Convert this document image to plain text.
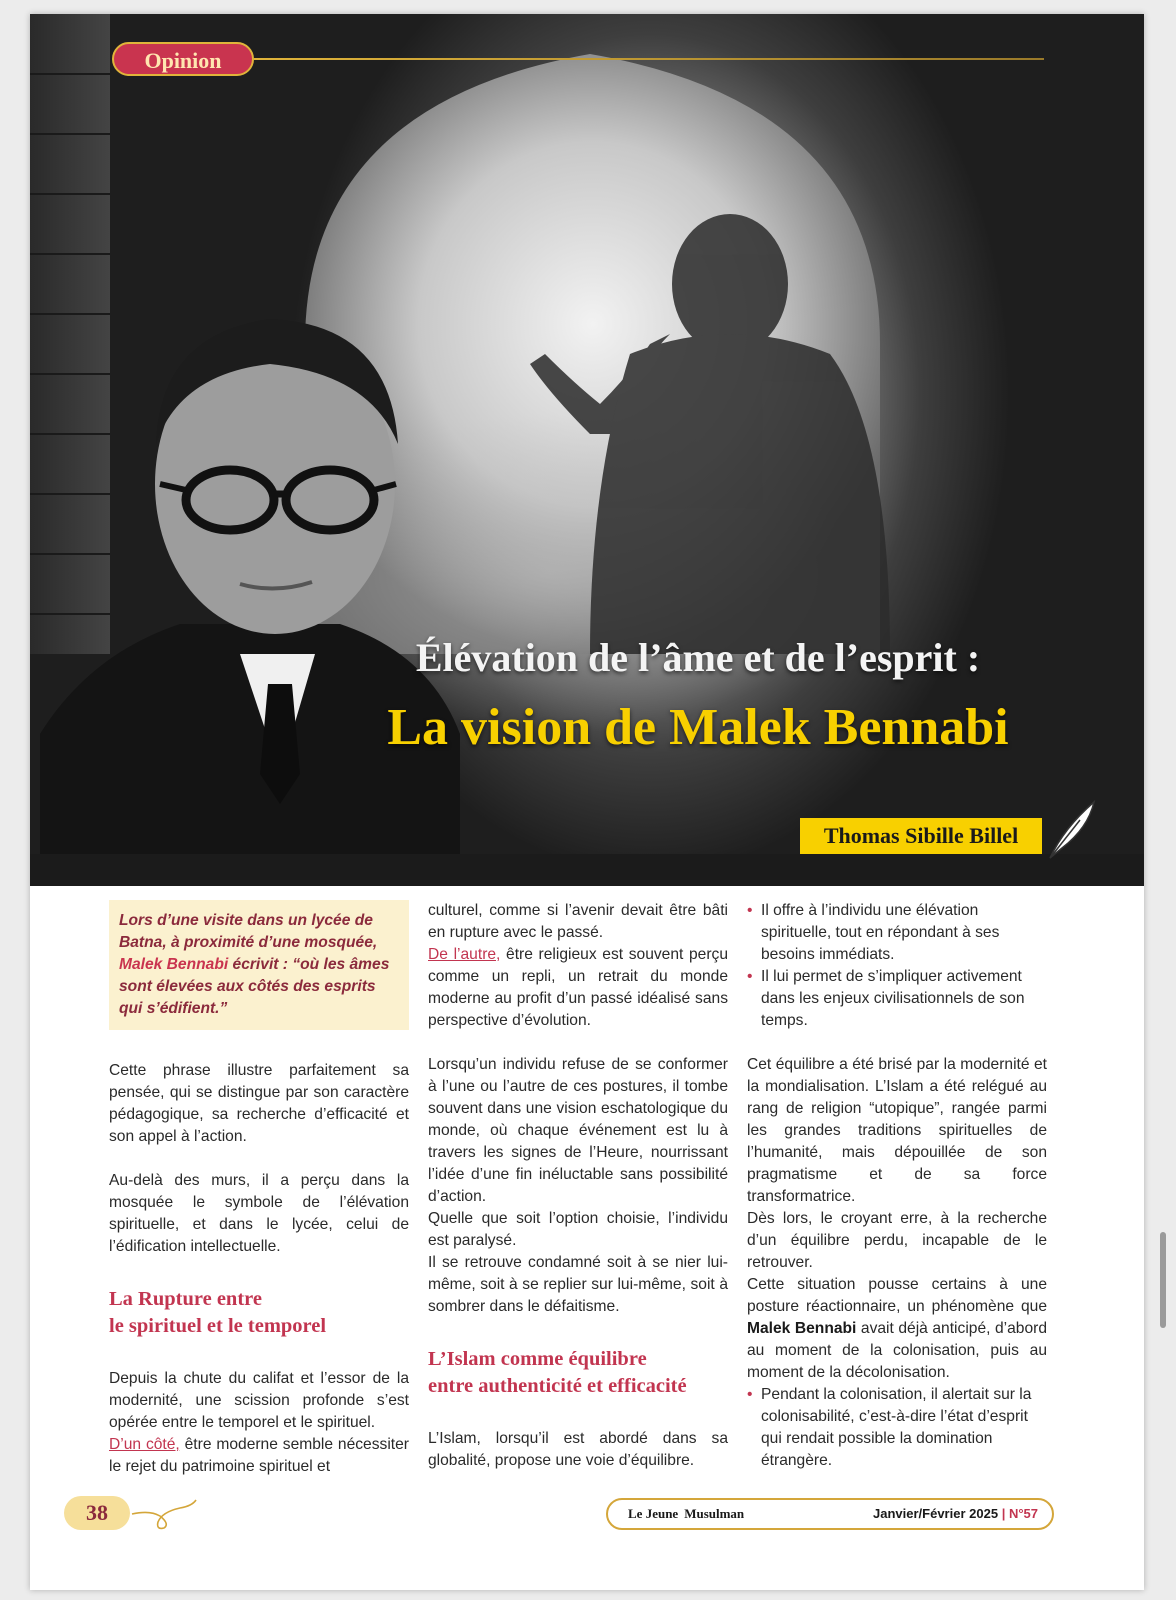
Opinion
Élévation de l’âme et de l’esprit :
La vision de Malek Bennabi
Thomas Sibille Billel

Lors d’une visite dans un lycée de Batna, à proximité d’une mosquée, Malek Bennabi écrivit : “où les âmes sont élevées aux côtés des esprits qui s’édifient.”

Cette phrase illustre parfaitement sa pensée, qui se distingue par son caractère pédagogique, sa recherche d’efficacité et son appel à l’action.

Au-delà des murs, il a perçu dans la mosquée le symbole de l’élévation spirituelle, et dans le lycée, celui de l’édification intellectuelle.

La Rupture entre
le spirituel et le temporel

Depuis la chute du califat et l’essor de la modernité, une scission profonde s’est opérée entre le temporel et le spirituel.

D’un côté, être moderne semble nécessiter le rejet du patrimoine spirituel et

culturel, comme si l’avenir devait être bâti en rupture avec le passé.

De l’autre, être religieux est souvent perçu comme un repli, un retrait du monde moderne au profit d’un passé idéalisé sans perspective d’évolution.

Lorsqu’un individu refuse de se conformer à l’une ou l’autre de ces postures, il tombe souvent dans une vision eschatologique du monde, où chaque événement est lu à travers les signes de l’Heure, nourrissant l’idée d’une fin inéluctable sans possibilité d’action.

Quelle que soit l’option choisie, l’individu est paralysé.

Il se retrouve condamné soit à se nier lui-même, soit à se replier sur lui-même, soit à sombrer dans le défaitisme.

L’Islam comme équilibre
entre authenticité et efficacité

L’Islam, lorsqu’il est abordé dans sa globalité, propose une voie d’équilibre.

• Il offre à l’individu une élévation spirituelle, tout en répondant à ses besoins immédiats.

• Il lui permet de s’impliquer activement dans les enjeux civilisationnels de son temps.

Cet équilibre a été brisé par la modernité et la mondialisation. L’Islam a été relégué au rang de religion “utopique”, rangée parmi les grandes traditions spirituelles de l’humanité, mais dépouillée de son pragmatisme et de sa force transformatrice.

Dès lors, le croyant erre, à la recherche d’un équilibre perdu, incapable de le retrouver.

Cette situation pousse certains à une posture réactionnaire, un phénomène que Malek Bennabi avait déjà anticipé, d’abord au moment de la colonisation, puis au moment de la décolonisation.

• Pendant la colonisation, il alertait sur la colonisabilité, c’est-à-dire l’état d’esprit qui rendait possible la domination étrangère.

38	Le Jeune Musulman	Janvier/Février 2025 | N°57
